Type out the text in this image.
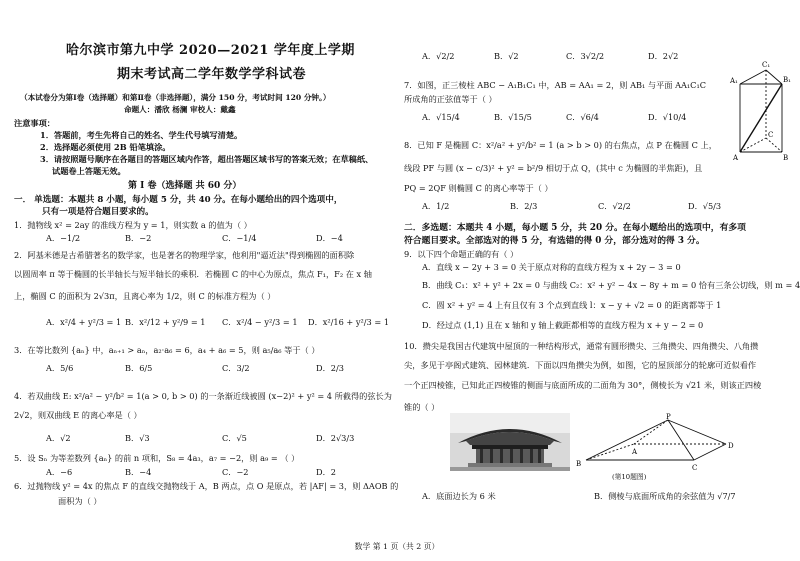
哈尔滨市第九中学 2020—2021 学年度上学期
期末考试高二学年数学学科试卷
（本试卷分为第Ⅰ卷（选择题）和第Ⅱ卷（非选择题），满分 150 分，考试时间 120 分钟。）
命题人：潘欣 杨澜 审校人：戴鑫
注意事项：
1．答题前，考生先将自己的姓名、学生代号填写清楚。
2．选择题必须使用 2B 铅笔填涂。
3．请按照题号顺序在各题目的答题区域内作答，超出答题区域书写的答案无效；在草稿纸、
试题卷上答题无效。
第 Ⅰ 卷（选择题 共 60 分）
一． 单选题：本题共 8 小题，每小题 5 分，共 40 分。在每小题给出的四个选项中，
只有一项是符合题目要求的。
1．抛物线 x² = 2ay 的准线方程为 y = 1，则实数 a 的值为（ ）
A．−1/2	B．−2	C．−1/4	D．−4
2．阿基米德是古希腊著名的数学家，也是著名的物理学家，他利用"逼近法"得到椭圆的面积除
以圆周率 π 等于椭圆的长半轴长与短半轴长的乘积．若椭圆 C 的中心为原点，焦点 F₁，F₂ 在 x 轴
上，椭圆 C 的面积为 2√3π，且离心率为 1/2，则 C 的标准方程为（ ）
A．x²/4 + y²/3 = 1 B．x²/12 + y²/9 = 1 C．x²/4 − y²/3 = 1 D．x²/16 + y²/3 = 1
3．在等比数列 {aₙ} 中，aₙ₊₁ > aₙ，a₂·a₆ = 6，a₄ + a₆ = 5，则 a₅/a₆ 等于（ ）
A．5/6	B．6/5	C．3/2	D．2/3
4．若双曲线 E: x²/a² − y²/b² = 1(a > 0, b > 0) 的一条渐近线被圆 (x−2)² + y² = 4 所截得的弦长为
2√2，则双曲线 E 的离心率是（ ）
A．√2	B．√3	C．√5	D．2√3/3
5．设 Sₙ 为等差数列 {aₙ} 的前 n 项和，S₈ = 4a₃，a₇ = −2，则 a₉ = （ ）
A．−6	B．−4	C．−2	D．2
6．过抛物线 y² = 4x 的焦点 F 的直线交抛物线于 A，B 两点，点 O 是原点，若 |AF| = 3，则 ΔAOB 的
面积为（ ）
A．√2/2	B．√2	C．3√2/2	D．2√2
7．如图，正三棱柱 ABC − A₁B₁C₁ 中，AB = AA₁ = 2，则 AB₁ 与平面 AA₁C₁C
所成角的正弦值等于（ ）
A．√15/4	B．√15/5	C．√6/4	D．√10/4
C₁
A₁	B₁
C
A	B
8．已知 F 是椭圆 C：x²/a² + y²/b² = 1 (a > b > 0) 的右焦点，点 P 在椭圆 C 上，
线段 PF 与圆 (x − c/3)² + y² = b²/9 相切于点 Q，(其中 c 为椭圆的半焦距)，且
PQ = 2QF 则椭圆 C 的离心率等于（ ）
A．1/2	B．2/3	C．√2/2	D．√5/3
二．多选题：本题共 4 小题，每小题 5 分，共 20 分。在每小题给出的选项中，有多项
符合题目要求。全部选对的得 5 分，有选错的得 0 分，部分选对的得 3 分。
9．以下四个命题正确的有（ ）
A．直线 x − 2y + 3 = 0 关于原点对称的直线方程为 x + 2y − 3 = 0
B．曲线 C₁：x² + y² + 2x = 0 与曲线 C₂：x² + y² − 4x − 8y + m = 0 恰有三条公切线，则 m = 4
C．圆 x² + y² = 4 上有且仅有 3 个点到直线 l：x − y + √2 = 0 的距离都等于 1
D．经过点 (1,1) 且在 x 轴和 y 轴上截距都相等的直线方程为 x + y − 2 = 0
10．攒尖是我国古代建筑中屋顶的一种结构形式，通常有圆形攒尖、三角攒尖、四角攒尖、八角攒
尖，多见于亭阁式建筑、园林建筑．下面以四角攒尖为例，如图，它的屋顶部分的轮廓可近似看作
一个正四棱锥，已知此正四棱锥的侧面与底面所成的二面角为 30°，侧棱长为 √21 米，则该正四棱
锥的（ ）
P
A
B	C
D
(第10题图)
A．底面边长为 6 米	B．侧棱与底面所成角的余弦值为 √7/7
数学 第 1 页（共 2 页）
